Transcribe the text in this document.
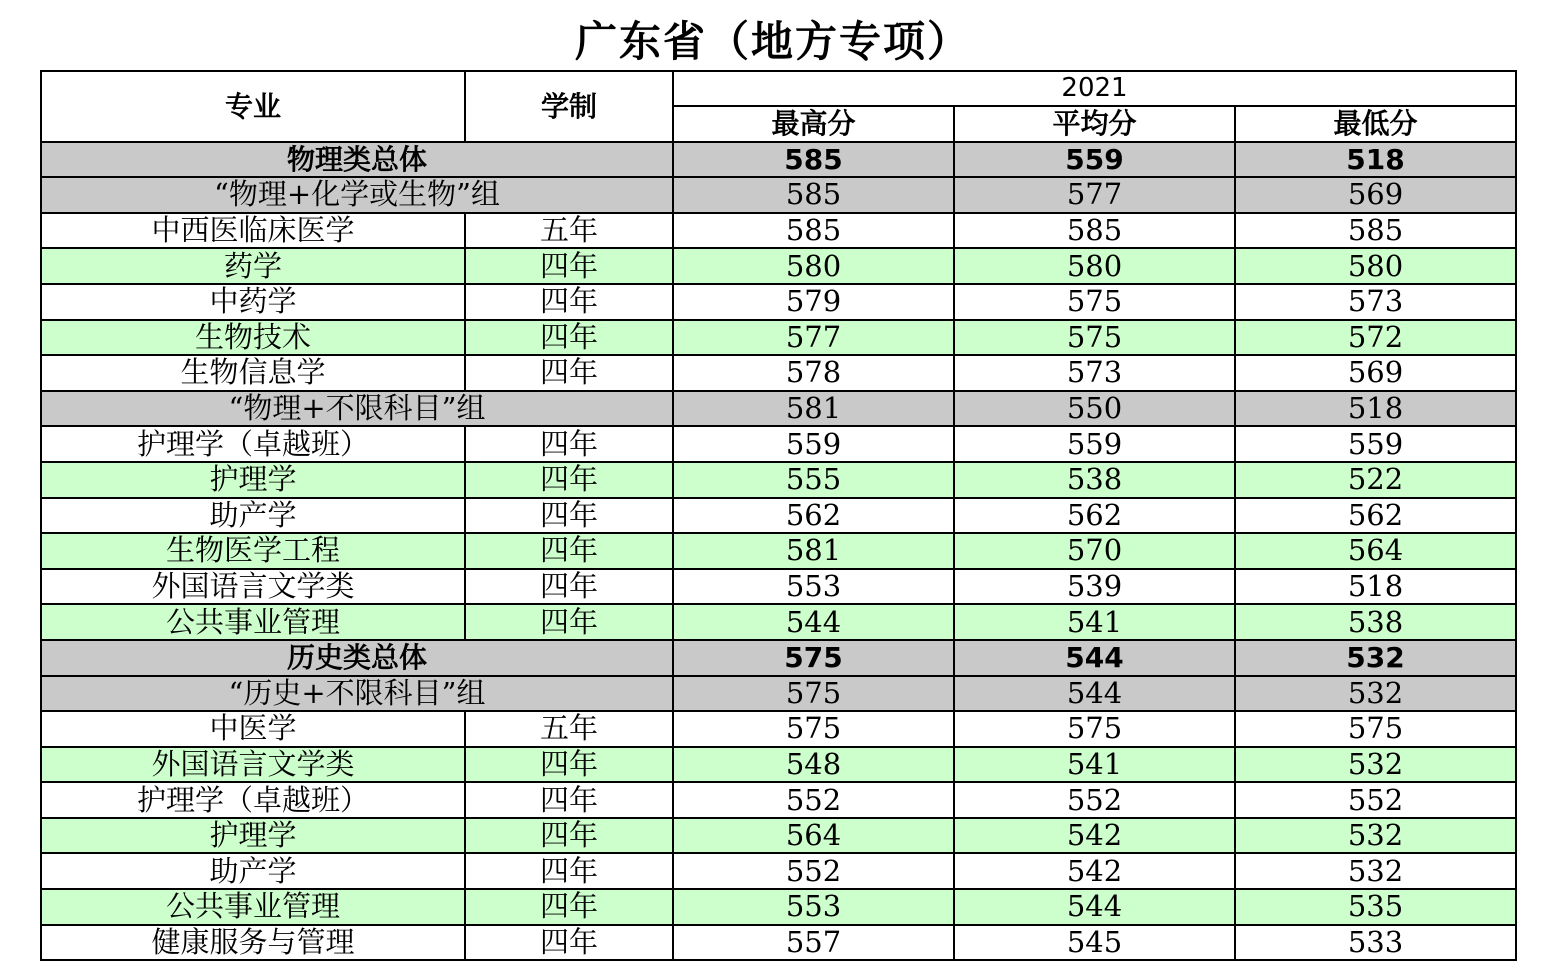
广东省（地方专项）
专业	学制	2021		
		最高分	平均分	最低分
物理类总体		585	559	518
“物理+化学或生物”组		585	577	569
中西医临床医学	五年	585	585	585
药学	四年	580	580	580
中药学	四年	579	575	573
生物技术	四年	577	575	572
生物信息学	四年	578	573	569
“物理+不限科目”组		581	550	518
护理学（卓越班）	四年	559	559	559
护理学	四年	555	538	522
助产学	四年	562	562	562
生物医学工程	四年	581	570	564
外国语言文学类	四年	553	539	518
公共事业管理	四年	544	541	538
历史类总体		575	544	532
“历史+不限科目”组		575	544	532
中医学	五年	575	575	575
外国语言文学类	四年	548	541	532
护理学（卓越班）	四年	552	552	552
护理学	四年	564	542	532
助产学	四年	552	542	532
公共事业管理	四年	553	544	535
健康服务与管理	四年	557	545	533
